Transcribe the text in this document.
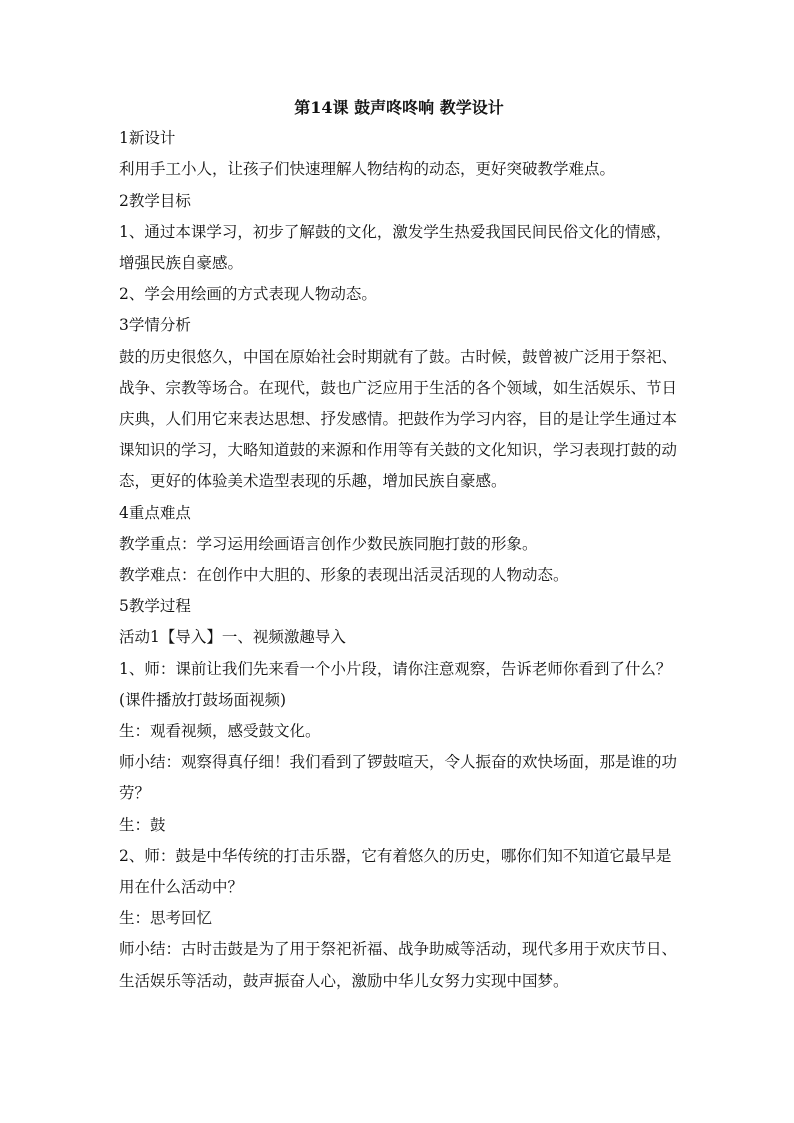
第14课 鼓声咚咚响 教学设计

1新设计

利用手工小人，让孩子们快速理解人物结构的动态，更好突破教学难点。

2教学目标

1、通过本课学习，初步了解鼓的文化，激发学生热爱我国民间民俗文化的情感，增强民族自豪感。

2、学会用绘画的方式表现人物动态。

3学情分析

鼓的历史很悠久，中国在原始社会时期就有了鼓。古时候，鼓曾被广泛用于祭祀、战争、宗教等场合。在现代，鼓也广泛应用于生活的各个领域，如生活娱乐、节日庆典，人们用它来表达思想、抒发感情。把鼓作为学习内容，目的是让学生通过本课知识的学习，大略知道鼓的来源和作用等有关鼓的文化知识，学习表现打鼓的动态，更好的体验美术造型表现的乐趣，增加民族自豪感。

4重点难点

教学重点：学习运用绘画语言创作少数民族同胞打鼓的形象。

教学难点：在创作中大胆的、形象的表现出活灵活现的人物动态。

5教学过程

活动1【导入】一、视频激趣导入

1、师：课前让我们先来看一个小片段，请你注意观察，告诉老师你看到了什么？(课件播放打鼓场面视频)

生：观看视频，感受鼓文化。

师小结：观察得真仔细！我们看到了锣鼓喧天，令人振奋的欢快场面，那是谁的功劳？

生：鼓

2、师：鼓是中华传统的打击乐器，它有着悠久的历史，哪你们知不知道它最早是用在什么活动中？

生：思考回忆

师小结：古时击鼓是为了用于祭祀祈福、战争助威等活动，现代多用于欢庆节日、生活娱乐等活动，鼓声振奋人心，激励中华儿女努力实现中国梦。
